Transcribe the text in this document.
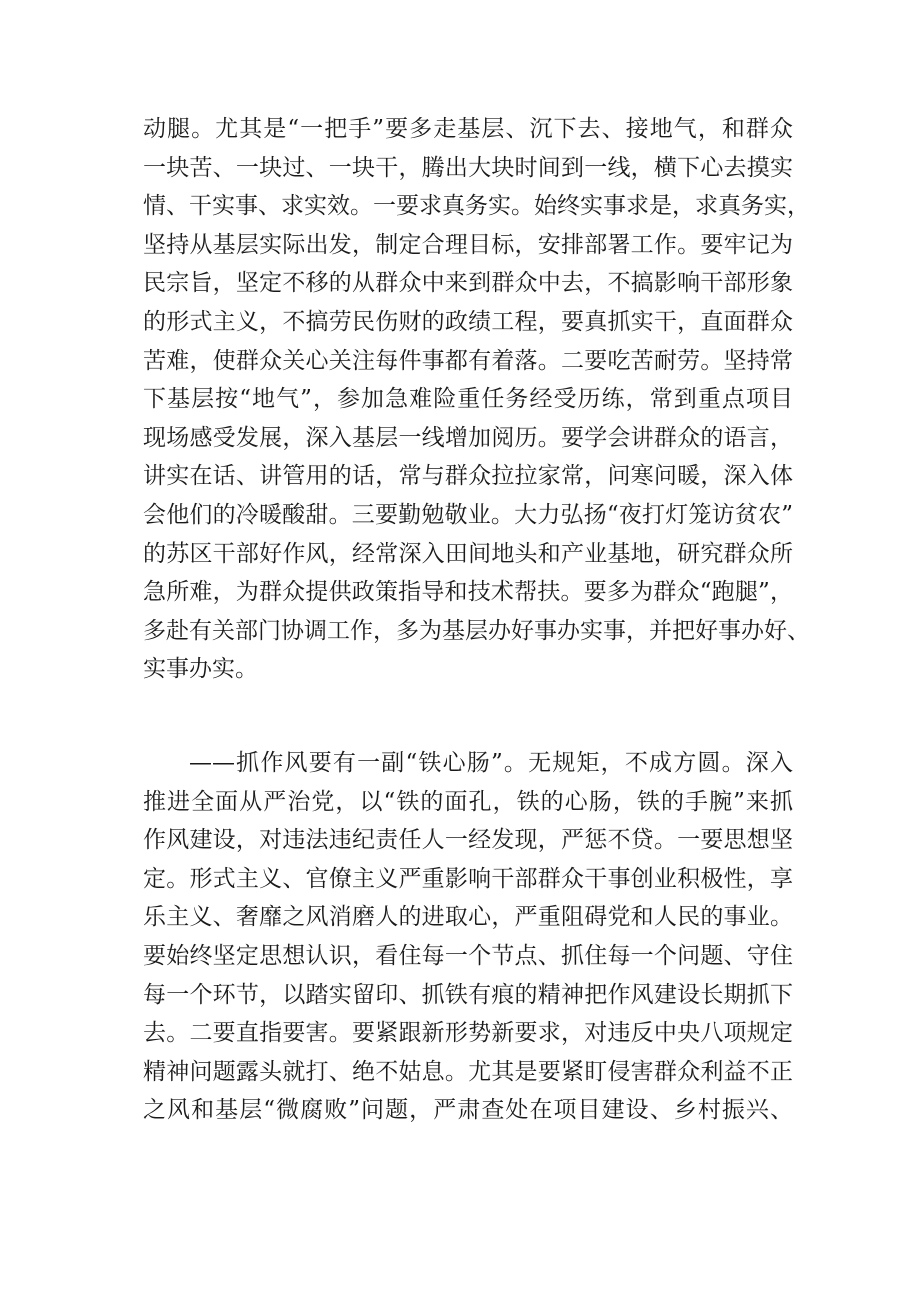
动腿。尤其是“一把手”要多走基层、沉下去、接地气，和群众
一块苦、一块过、一块干，腾出大块时间到一线，横下心去摸实
情、干实事、求实效。一要求真务实。始终实事求是，求真务实，
坚持从基层实际出发，制定合理目标，安排部署工作。要牢记为
民宗旨，坚定不移的从群众中来到群众中去，不搞影响干部形象
的形式主义，不搞劳民伤财的政绩工程，要真抓实干，直面群众
苦难，使群众关心关注每件事都有着落。二要吃苦耐劳。坚持常
下基层按“地气”，参加急难险重任务经受历练，常到重点项目
现场感受发展，深入基层一线增加阅历。要学会讲群众的语言，
讲实在话、讲管用的话，常与群众拉拉家常，问寒问暖，深入体
会他们的冷暖酸甜。三要勤勉敬业。大力弘扬“夜打灯笼访贫农”
的苏区干部好作风，经常深入田间地头和产业基地，研究群众所
急所难，为群众提供政策指导和技术帮扶。要多为群众“跑腿”，
多赴有关部门协调工作，多为基层办好事办实事，并把好事办好、
实事办实。
——抓作风要有一副“铁心肠”。无规矩，不成方圆。深入
推进全面从严治党，以“铁的面孔，铁的心肠，铁的手腕”来抓
作风建设，对违法违纪责任人一经发现，严惩不贷。一要思想坚
定。形式主义、官僚主义严重影响干部群众干事创业积极性，享
乐主义、奢靡之风消磨人的进取心，严重阻碍党和人民的事业。
要始终坚定思想认识，看住每一个节点、抓住每一个问题、守住
每一个环节，以踏实留印、抓铁有痕的精神把作风建设长期抓下
去。二要直指要害。要紧跟新形势新要求，对违反中央八项规定
精神问题露头就打、绝不姑息。尤其是要紧盯侵害群众利益不正
之风和基层“微腐败”问题，严肃查处在项目建设、乡村振兴、
